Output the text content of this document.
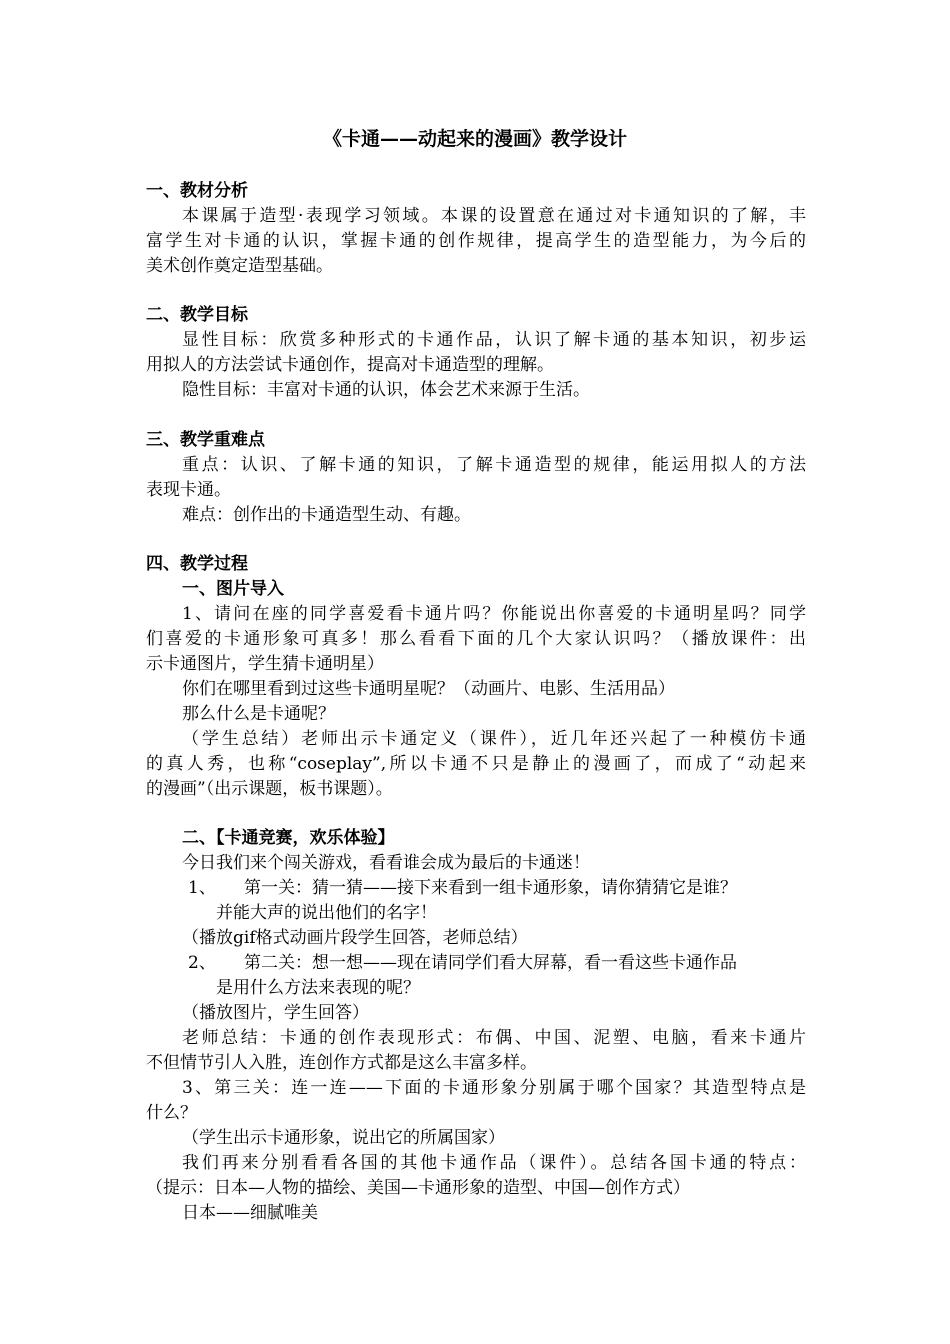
《卡通——动起来的漫画》教学设计
一、教材分析
本课属于造型·表现学习领域。本课的设置意在通过对卡通知识的了解，丰
富学生对卡通的认识，掌握卡通的创作规律，提高学生的造型能力，为今后的
美术创作奠定造型基础。
二、教学目标
显性目标：欣赏多种形式的卡通作品，认识了解卡通的基本知识，初步运
用拟人的方法尝试卡通创作，提高对卡通造型的理解。
隐性目标：丰富对卡通的认识，体会艺术来源于生活。
三、教学重难点
重点：认识、了解卡通的知识，了解卡通造型的规律，能运用拟人的方法
表现卡通。
难点：创作出的卡通造型生动、有趣。
四、教学过程
一、图片导入
1、请问在座的同学喜爱看卡通片吗？你能说出你喜爱的卡通明星吗？同学
们喜爱的卡通形象可真多！那么看看下面的几个大家认识吗？（播放课件：出
示卡通图片，学生猜卡通明星）
你们在哪里看到过这些卡通明星呢？（动画片、电影、生活用品）
那么什么是卡通呢？
（学生总结）老师出示卡通定义（课件），近几年还兴起了一种模仿卡通
的真人秀，也称“coseplay”,所以卡通不只是静止的漫画了，而成了“动起来
的漫画”（出示课题，板书课题）。
二、【卡通竞赛，欢乐体验】
今日我们来个闯关游戏，看看谁会成为最后的卡通迷！
1、 第一关：猜一猜——接下来看到一组卡通形象，请你猜猜它是谁？
并能大声的说出他们的名字！
（播放gif格式动画片段学生回答，老师总结）
2、 第二关：想一想——现在请同学们看大屏幕，看一看这些卡通作品
是用什么方法来表现的呢？
（播放图片，学生回答）
老师总结：卡通的创作表现形式：布偶、中国、泥塑、电脑，看来卡通片
不但情节引人入胜，连创作方式都是这么丰富多样。
3、第三关：连一连——下面的卡通形象分别属于哪个国家？其造型特点是
什么？
（学生出示卡通形象，说出它的所属国家）
我们再来分别看看各国的其他卡通作品（课件）。总结各国卡通的特点：
（提示：日本—人物的描绘、美国—卡通形象的造型、中国—创作方式）
日本——细腻唯美
